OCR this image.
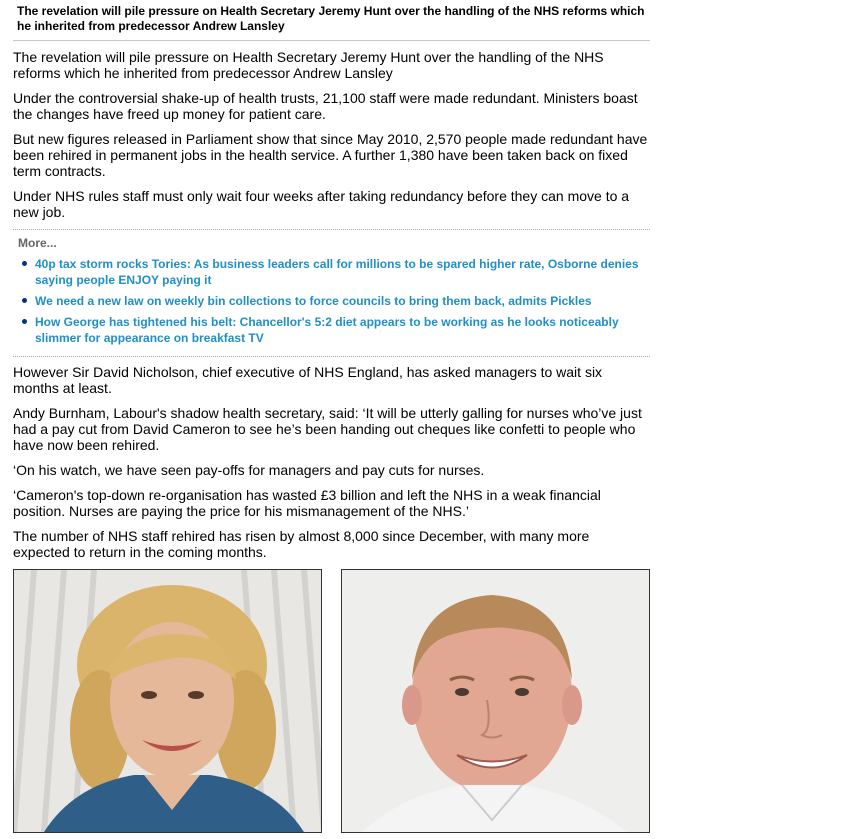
The revelation will pile pressure on Health Secretary Jeremy Hunt over the handling of the NHS reforms which he inherited from predecessor Andrew Lansley

The revelation will pile pressure on Health Secretary Jeremy Hunt over the handling of the NHS reforms which he inherited from predecessor Andrew Lansley

Under the controversial shake-up of health trusts, 21,100 staff were made redundant. Ministers boast the changes have freed up money for patient care.

But new figures released in Parliament show that since May 2010, 2,570 people made redundant have been rehired in permanent jobs in the health service. A further 1,380 have been taken back on fixed term contracts.

Under NHS rules staff must only wait four weeks after taking redundancy before they can move to a new job.

More...
40p tax storm rocks Tories: As business leaders call for millions to be spared higher rate, Osborne denies saying people ENJOY paying it
We need a new law on weekly bin collections to force councils to bring them back, admits Pickles
How George has tightened his belt: Chancellor's 5:2 diet appears to be working as he looks noticeably slimmer for appearance on breakfast TV

However Sir David Nicholson, chief executive of NHS England, has asked managers to wait six months at least.

Andy Burnham, Labour's shadow health secretary, said: ‘It will be utterly galling for nurses who’ve just had a pay cut from David Cameron to see he’s been handing out cheques like confetti to people who have now been rehired.

‘On his watch, we have seen pay-offs for managers and pay cuts for nurses.

‘Cameron's top-down re-organisation has wasted £3 billion and left the NHS in a weak financial position. Nurses are paying the price for his mismanagement of the NHS.’

The number of NHS staff rehired has risen by almost 8,000 since December, with many more expected to return in the coming months.
